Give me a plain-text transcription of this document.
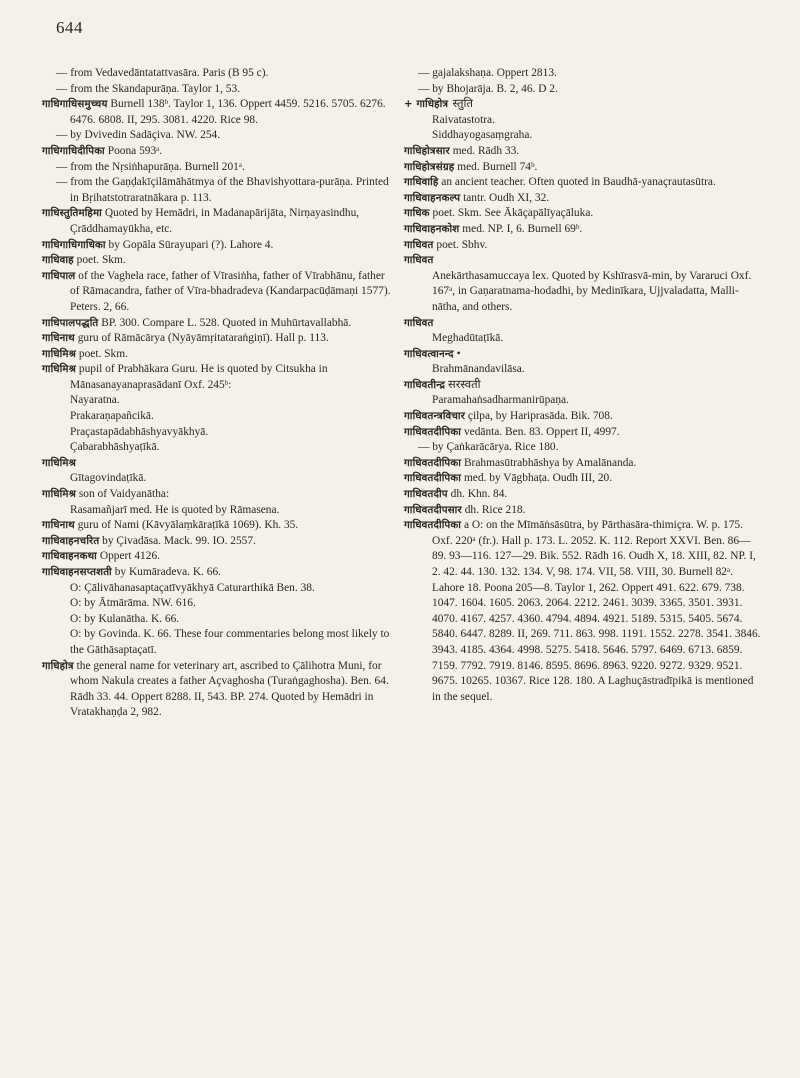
644

— from Vedavedāntatattvasāra. Paris (B 95 c).

— from the Skandapurāṇa. Taylor 1, 53.

गाधिगाधिसमुच्चय Burnell 138ᵇ. Taylor 1, 136. Oppert 4459. 5216. 5705. 6276. 6476. 6808. II, 295. 3081. 4220. Rice 98.

— by Dvivedin Sadāçiva. NW. 254.

गाधिगाधिदीपिका Poona 593ᵃ.

— from the Nṛsiṅhapurāṇa. Burnell 201ᵃ.

— from the Gaṇḍakīçilāmāhātmya of the Bhavishyottara-purāṇa. Printed in Bṛihatstotraratnākara p. 113.

गाधिस्तुतिमहिमा Quoted by Hemādri, in Madanapārijāta, Nirṇayasindhu, Çrāddhamayūkha, etc.

गाधिगाधिगाधिका by Gopāla Sūrayupari (?). Lahore 4.

गाधिवाह poet. Skm.

गाधिपाल of the Vaghela race, father of Vīrasiṅha, father of Vīrabhānu, father of Rāmacandra, father of Vīra-bhadradeva (Kandarpacūḍāmaṇi 1577). Peters. 2, 66.

गाधिपालपद्धति BP. 300. Compare L. 528. Quoted in Muhūrtavallabhā.

गाधिनाथ guru of Rāmācārya (Nyāyāmṛitataraṅgiṇī). Hall p. 113.

गाधिमिश्र poet. Skm.

गाधिमिश्र pupil of Prabhākara Guru. He is quoted by Citsukha in Mānasanayanaprasādanī Oxf. 245ᵇ:

Nayaratna.

Prakaraṇapañcikā.

Praçastapādabhāshyavyākhyā.

Çabarabhāshyaṭīkā.

गाधिमिश्र

Gītagovindaṭīkā.

गाधिमिश्र son of Vaidyanātha:

Rasamañjarī med. He is quoted by Rāmasena.

गाधिनाथ guru of Nami (Kāvyālaṃkāraṭīkā 1069). Kh. 35.

गाधिवाहनचरित by Çivadāsa. Mack. 99. IO. 2557.

गाधिवाहनकथा Oppert 4126.

गाधिवाहनसप्तशती by Kumāradeva. K. 66.

O: Çālivāhanasaptaçatīvyākhyā Caturarthikā Ben. 38.

O: by Ātmārāma. NW. 616.

O: by Kulanātha. K. 66.

O: by Govinda. K. 66. These four commentaries belong most likely to the Gāthāsaptaçatī.

गाधिहोत्र the general name for veterinary art, ascribed to Çālihotra Muni, for whom Nakula creates a father Açvaghosha (Turaṅgaghosha). Ben. 64. Rādh 33. 44. Oppert 8288. II, 543. BP. 274. Quoted by Hemādri in Vratakhaṇḍa 2, 982.

— gajalakshaṇa. Oppert 2813.

— by Bhojarāja. B. 2, 46. D 2.

+ गाधिहोत्र स्तुति

Raivatastotra.

Siddhayogasaṃgraha.

गाधिहोत्रसार med. Rādh 33.

गाधिहोत्रसंग्रह med. Burnell 74ᵇ.

गाधिवाहि an ancient teacher. Often quoted in Baudhā-yanaçrautasūtra.

गाधिवाहनकल्प tantr. Oudh XI, 32.

गाधिक poet. Skm. See Ākāçapālīyaçāluka.

गाधिवाहनकोश med. NP. I, 6. Burnell 69ᵇ.

गाधिवत poet. Sbhv.

गाधिवत

Anekārthasamuccaya lex. Quoted by Kshīrasvā-min, by Vararuci Oxf. 167ᵃ, in Gaṇaratnama-hodadhi, by Medinīkara, Ujjvaladatta, Malli-nātha, and others.

गाधिवत

Meghadūtaṭīkā.

गाधिवत्वानन्द •

Brahmānandavilāsa.

गाधिवतीन्द्र सरस्वती

Paramahaṅsadharmanirūpaṇa.

गाधिवतन्त्रविचार çilpa, by Hariprasāda. Bik. 708.

गाधिवतदीपिका vedānta. Ben. 83. Oppert II, 4997.

— by Çaṅkarācārya. Rice 180.

गाधिवतदीपिका Brahmasūtrabhāshya by Amalānanda.

गाधिवतदीपिका med. by Vāgbhaṭa. Oudh III, 20.

गाधिवतदीप dh. Khn. 84.

गाधिवतदीपसार dh. Rice 218.

गाधिवतदीपिका a O: on the Mīmāṅsāsūtra, by Pārthasāra-thimiçra. W. p. 175. Oxf. 220ᵃ (fr.). Hall p. 173. L. 2052. K. 112. Report XXVI. Ben. 86—89. 93—116. 127—29. Bik. 552. Rādh 16. Oudh X, 18. XIII, 82. NP. I, 2. 42. 44. 130. 132. 134. V, 98. 174. VII, 58. VIII, 30. Burnell 82ᵃ. Lahore 18. Poona 205—8. Taylor 1, 262. Oppert 491. 622. 679. 738. 1047. 1604. 1605. 2063. 2064. 2212. 2461. 3039. 3365. 3501. 3931. 4070. 4167. 4257. 4360. 4794. 4894. 4921. 5189. 5315. 5405. 5674. 5840. 6447. 8289. II, 269. 711. 863. 998. 1191. 1552. 2278. 3541. 3846. 3943. 4185. 4364. 4998. 5275. 5418. 5646. 5797. 6469. 6713. 6859. 7159. 7792. 7919. 8146. 8595. 8696. 8963. 9220. 9272. 9329. 9521. 9675. 10265. 10367. Rice 128. 180. A Laghuçāstradīpikā is mentioned in the sequel.
